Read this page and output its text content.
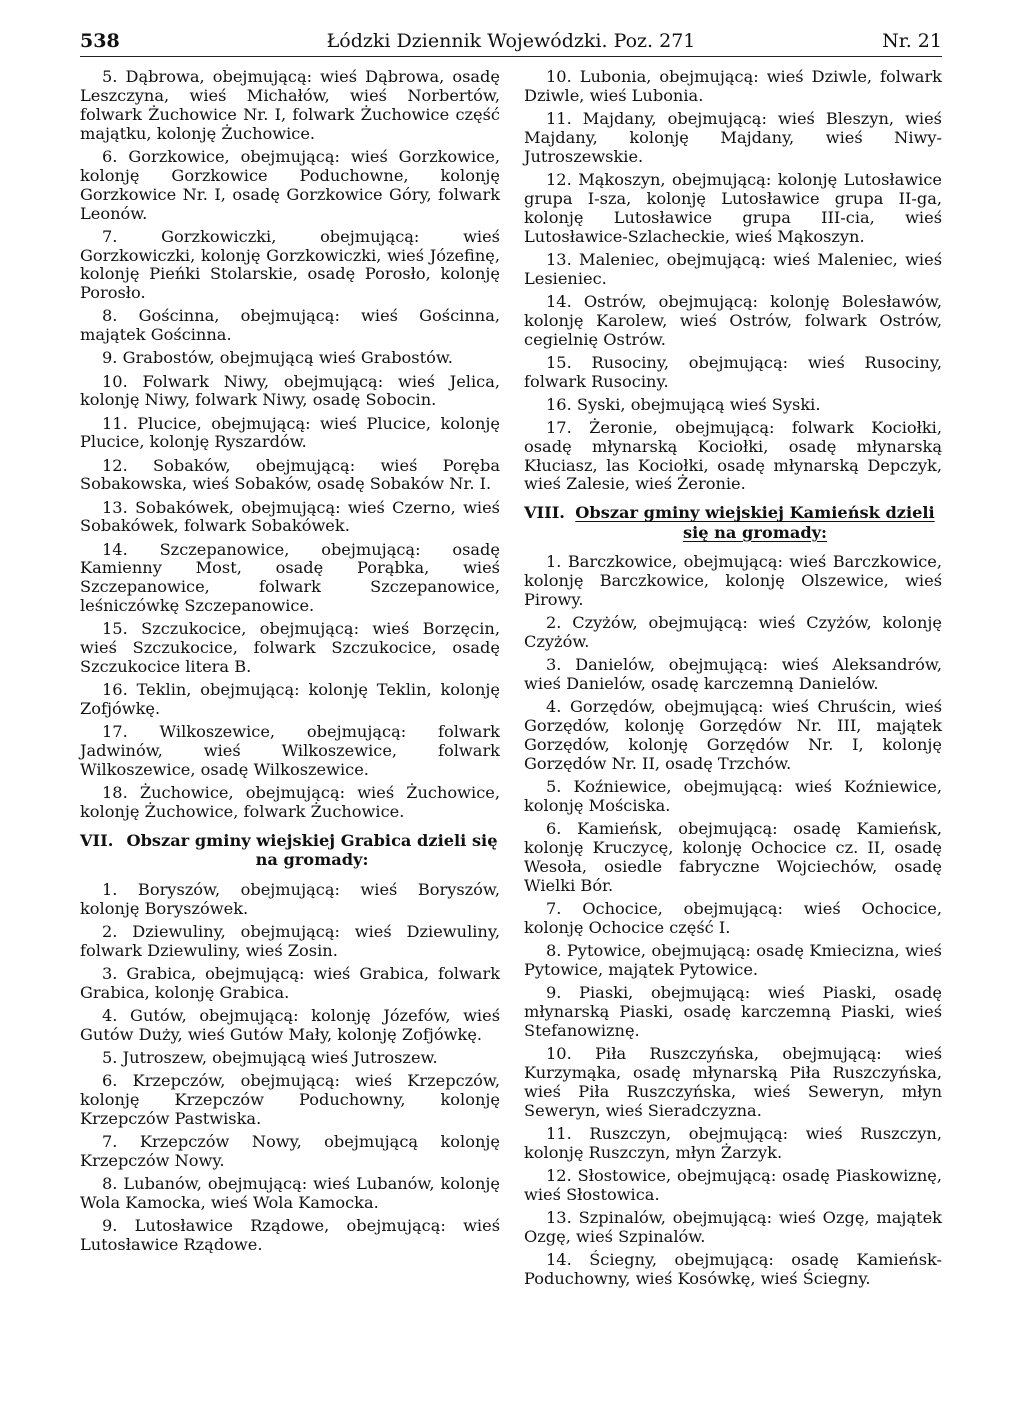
538	Łódzki Dziennik Wojewódzki. Poz. 271	Nr. 21

5. Dąbrowa, obejmującą: wieś Dąbrowa, osadę Leszczyna, wieś Michałów, wieś Norbertów, folwark Żuchowice Nr. I, folwark Żuchowice część majątku, kolonję Żuchowice.

6. Gorzkowice, obejmującą: wieś Gorzkowice, kolonję Gorzkowice Poduchowne, kolonję Gorzkowice Nr. I, osadę Gorzkowice Góry, folwark Leonów.

7. Gorzkowiczki, obejmującą: wieś Gorzkowiczki, kolonję Gorzkowiczki, wieś Józefinę, kolonję Pieńki Stolarskie, osadę Porosło, kolonję Porosło.

8. Gościnna, obejmującą: wieś Gościnna, majątek Gościnna.

9. Grabostów, obejmującą wieś Grabostów.

10. Folwark Niwy, obejmującą: wieś Jelica, kolonję Niwy, folwark Niwy, osadę Sobocin.

11. Plucice, obejmującą: wieś Plucice, kolonję Plucice, kolonję Ryszardów.

12. Sobaków, obejmującą: wieś Poręba Sobakowska, wieś Sobaków, osadę Sobaków Nr. I.

13. Sobakówek, obejmującą: wieś Czerno, wieś Sobakówek, folwark Sobakówek.

14. Szczepanowice, obejmującą: osadę Kamienny Most, osadę Porąbka, wieś Szczepanowice, folwark Szczepanowice, leśniczówkę Szczepanowice.

15. Szczukocice, obejmującą: wieś Borzęcin, wieś Szczukocice, folwark Szczukocice, osadę Szczukocice litera B.

16. Teklin, obejmującą: kolonję Teklin, kolonję Zofjówkę.

17. Wilkoszewice, obejmującą: folwark Jadwinów, wieś Wilkoszewice, folwark Wilkoszewice, osadę Wilkoszewice.

18. Żuchowice, obejmującą: wieś Żuchowice, kolonję Żuchowice, folwark Żuchowice.

VII. Obszar gminy wiejskiej Grabica dzieli się na gromady:

1. Boryszów, obejmującą: wieś Boryszów, kolonję Boryszówek.

2. Dziewuliny, obejmującą: wieś Dziewuliny, folwark Dziewuliny, wieś Zosin.

3. Grabica, obejmującą: wieś Grabica, folwark Grabica, kolonję Grabica.

4. Gutów, obejmującą: kolonję Józefów, wieś Gutów Duży, wieś Gutów Mały, kolonję Zofjówkę.

5. Jutroszew, obejmującą wieś Jutroszew.

6. Krzepczów, obejmującą: wieś Krzepczów, kolonję Krzepczów Poduchowny, kolonję Krzepczów Pastwiska.

7. Krzepczów Nowy, obejmującą kolonję Krzepczów Nowy.

8. Lubanów, obejmującą: wieś Lubanów, kolonję Wola Kamocka, wieś Wola Kamocka.

9. Lutosławice Rządowe, obejmującą: wieś Lutosławice Rządowe.

10. Lubonia, obejmującą: wieś Dziwle, folwark Dziwle, wieś Lubonia.

11. Majdany, obejmującą: wieś Bleszyn, wieś Majdany, kolonję Majdany, wieś Niwy-Jutroszewskie.

12. Mąkoszyn, obejmującą: kolonję Lutosławice grupa I-sza, kolonję Lutosławice grupa II-ga, kolonję Lutosławice grupa III-cia, wieś Lutosławice-Szlacheckie, wieś Mąkoszyn.

13. Maleniec, obejmującą: wieś Maleniec, wieś Lesieniec.

14. Ostrów, obejmującą: kolonję Bolesławów, kolonję Karolew, wieś Ostrów, folwark Ostrów, cegielnię Ostrów.

15. Rusociny, obejmującą: wieś Rusociny, folwark Rusociny.

16. Syski, obejmującą wieś Syski.

17. Żeronie, obejmującą: folwark Kociołki, osadę młynarską Kociołki, osadę młynarską Kłuciasz, las Kociołki, osadę młynarską Depczyk, wieś Zalesie, wieś Żeronie.

VIII. Obszar gminy wiejskiej Kamieńsk dzieli się na gromady:

1. Barczkowice, obejmującą: wieś Barczkowice, kolonję Barczkowice, kolonję Olszewice, wieś Pirowy.

2. Czyżów, obejmującą: wieś Czyżów, kolonję Czyżów.

3. Danielów, obejmującą: wieś Aleksandrów, wieś Danielów, osadę karczemną Danielów.

4. Gorzędów, obejmującą: wieś Chruścin, wieś Gorzędów, kolonję Gorzędów Nr. III, majątek Gorzędów, kolonję Gorzędów Nr. I, kolonję Gorzędów Nr. II, osadę Trzchów.

5. Koźniewice, obejmującą: wieś Koźniewice, kolonję Mościska.

6. Kamieńsk, obejmującą: osadę Kamieńsk, kolonję Kruczycę, kolonję Ochocice cz. II, osadę Wesoła, osiedle fabryczne Wojciechów, osadę Wielki Bór.

7. Ochocice, obejmującą: wieś Ochocice, kolonję Ochocice część I.

8. Pytowice, obejmującą: osadę Kmiecizna, wieś Pytowice, majątek Pytowice.

9. Piaski, obejmującą: wieś Piaski, osadę młynarską Piaski, osadę karczemną Piaski, wieś Stefanowiznę.

10. Piła Ruszczyńska, obejmującą: wieś Kurzymąka, osadę młynarską Piła Ruszczyńska, wieś Piła Ruszczyńska, wieś Seweryn, młyn Seweryn, wieś Sieradczyzna.

11. Ruszczyn, obejmującą: wieś Ruszczyn, kolonję Ruszczyn, młyn Żarzyk.

12. Słostowice, obejmującą: osadę Piaskowiznę, wieś Słostowica.

13. Szpinalów, obejmującą: wieś Ozgę, majątek Ozgę, wieś Szpinalów.

14. Ściegny, obejmującą: osadę Kamieńsk-Poduchowny, wieś Kosówkę, wieś Ściegny.
